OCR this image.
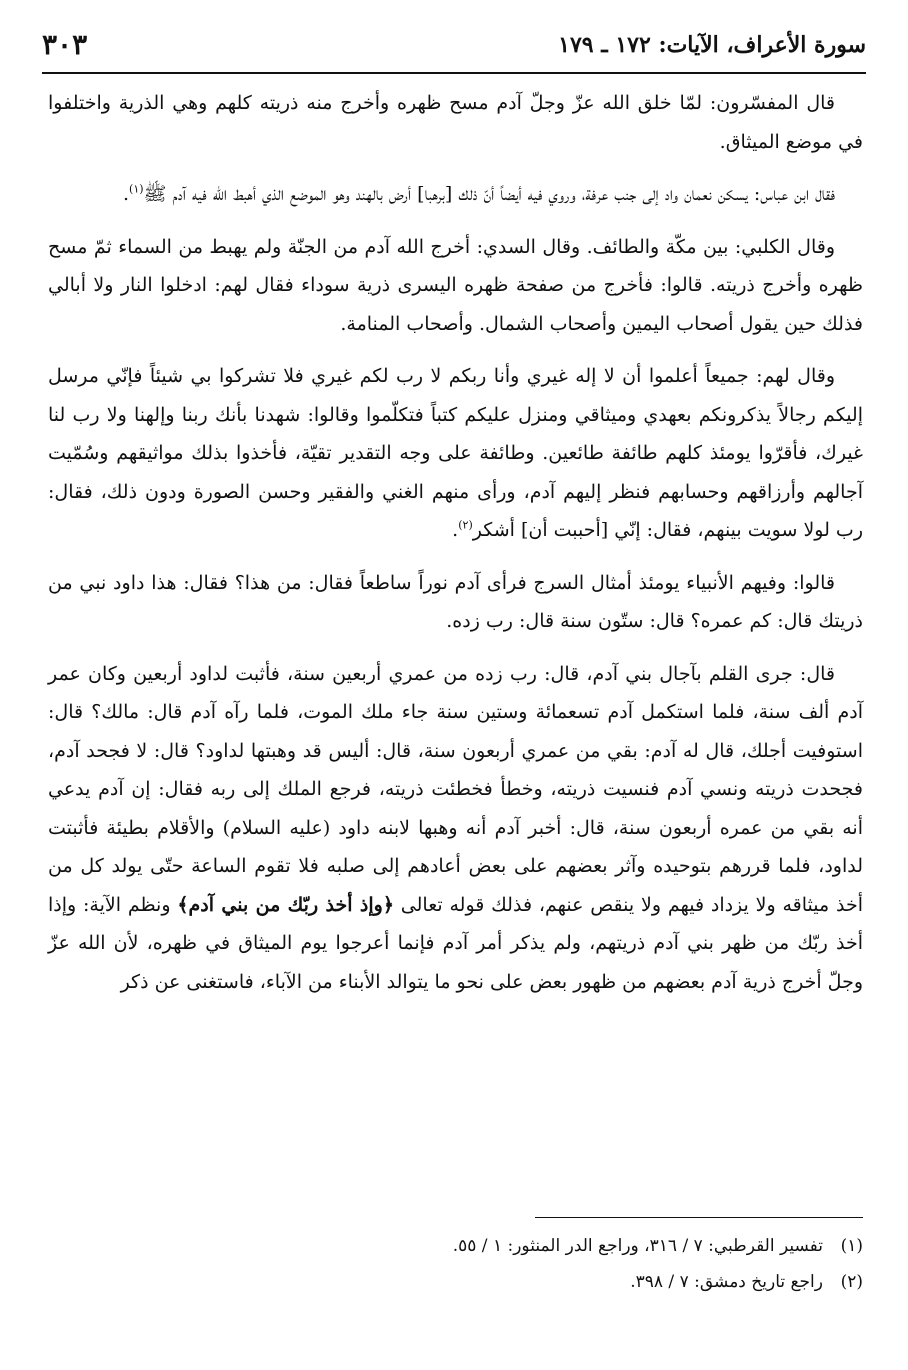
سورة الأعراف، الآيات: ١٧٢ ـ ١٧٩
٣٠٣

قال المفسّرون: لمّا خلق الله عزّ وجلّ آدم مسح ظهره وأخرج منه ذريته كلهم وهي الذرية واختلفوا في موضع الميثاق.

فقال ابن عباس: يسكن نعمان واد إلى جنب عرفة، وروي فيه أيضاً أنّ ذلك [برهبا] أرض بالهند وهو الموضع الذي أهبط الله فيه آدم ﷺ$^{(١)}$.

وقال الكلبي: بين مكّة والطائف. وقال السدي: أخرج الله آدم من الجنّة ولم يهبط من السماء ثمّ مسح ظهره وأخرج ذريته. قالوا: فأخرج من صفحة ظهره اليسرى ذرية سوداء فقال لهم: ادخلوا النار ولا أبالي فذلك حين يقول أصحاب اليمين وأصحاب الشمال. وأصحاب المنامة.

وقال لهم: جميعاً أعلموا أن لا إله غيري وأنا ربكم لا رب لكم غيري فلا تشركوا بي شيئاً فإنّي مرسل إليكم رجالاً يذكرونكم بعهدي وميثاقي ومنزل عليكم كتباً فتكلّموا وقالوا: شهدنا بأنك ربنا وإلهنا ولا رب لنا غيرك، فأقرّوا يومئذ كلهم طائفة طائعين. وطائفة على وجه التقدير تقيّة، فأخذوا بذلك مواثيقهم وسُمّيت آجالهم وأرزاقهم وحسابهم فنظر إليهم آدم، ورأى منهم الغني والفقير وحسن الصورة ودون ذلك، فقال: رب لولا سويت بينهم، فقال: إنّي [أحببت أن] أشكر$^{(٢)}$.

قالوا: وفيهم الأنبياء يومئذ أمثال السرج فرأى آدم نوراً ساطعاً فقال: من هذا؟ فقال: هذا داود نبي من ذريتك قال: كم عمره؟ قال: ستّون سنة قال: رب زده.

قال: جرى القلم بآجال بني آدم، قال: رب زده من عمري أربعين سنة، فأثبت لداود أربعين وكان عمر آدم ألف سنة، فلما استكمل آدم تسعمائة وستين سنة جاء ملك الموت، فلما رآه آدم قال: مالك؟ قال: استوفيت أجلك، قال له آدم: بقي من عمري أربعون سنة، قال: أليس قد وهبتها لداود؟ قال: لا فجحد آدم، فجحدت ذريته ونسي آدم فنسيت ذريته، وخطأ فخطئت ذريته، فرجع الملك إلى ربه فقال: إن آدم يدعي أنه بقي من عمره أربعون سنة، قال: أخبر آدم أنه وهبها لابنه داود (عليه السلام) والأقلام بطيئة فأثبتت لداود، فلما قررهم بتوحيده وآثر بعضهم على بعض أعادهم إلى صلبه فلا تقوم الساعة حتّى يولد كل من أخذ ميثاقه ولا يزداد فيهم ولا ينقص عنهم، فذلك قوله تعالى ﴿وإذ أخذ ربّك من بني آدم﴾ ونظم الآية: وإذا أخذ ربّك من ظهر بني آدم ذريتهم، ولم يذكر أمر آدم فإنما أعرجوا يوم الميثاق في ظهره، لأن الله عزّ وجلّ أخرج ذرية آدم بعضهم من ظهور بعض على نحو ما يتوالد الأبناء من الآباء، فاستغنى عن ذكر

(١)تفسير القرطبي: ٧ / ٣١٦، وراجع الدر المنثور: ١ / ٥٥.
(٢)راجع تاريخ دمشق: ٧ / ٣٩٨.
